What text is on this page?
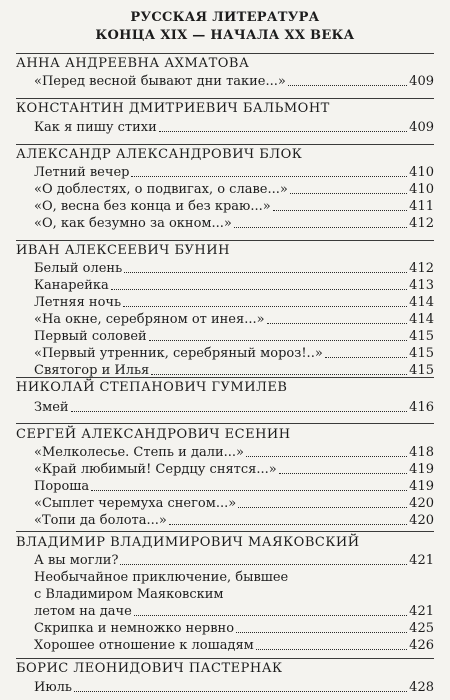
РУССКАЯ ЛИТЕРАТУРА
КОНЦА XIX — НАЧАЛА XX ВЕКА
АННА АНДРЕЕВНА АХМАТОВА
«Перед весной бывают дни такие...»	409
КОНСТАНТИН ДМИТРИЕВИЧ БАЛЬМОНТ
Как я пишу стихи	409
АЛЕКСАНДР АЛЕКСАНДРОВИЧ БЛОК
Летний вечер	410
«О доблестях, о подвигах, о славе...»	410
«О, весна без конца и без краю...»	411
«О, как безумно за окном...»	412
ИВАН АЛЕКСЕЕВИЧ БУНИН
Белый олень	412
Канарейка	413
Летняя ночь	414
«На окне, серебряном от инея...»	414
Первый соловей	415
«Первый утренник, серебряный мороз!..»	415
Святогор и Илья	415
НИКОЛАЙ СТЕПАНОВИЧ ГУМИЛЕВ
Змей	416
СЕРГЕЙ АЛЕКСАНДРОВИЧ ЕСЕНИН
«Мелколесье. Степь и дали...»	418
«Край любимый! Сердцу снятся...»	419
Пороша	419
«Сыплет черемуха снегом...»	420
«Топи да болота...»	420
ВЛАДИМИР ВЛАДИМИРОВИЧ МАЯКОВСКИЙ
А вы могли?	421
Необычайное приключение, бывшее
с Владимиром Маяковским
летом на даче	421
Скрипка и немножко нервно	425
Хорошее отношение к лошадям	426
БОРИС ЛЕОНИДОВИЧ ПАСТЕРНАК
Июль	428
